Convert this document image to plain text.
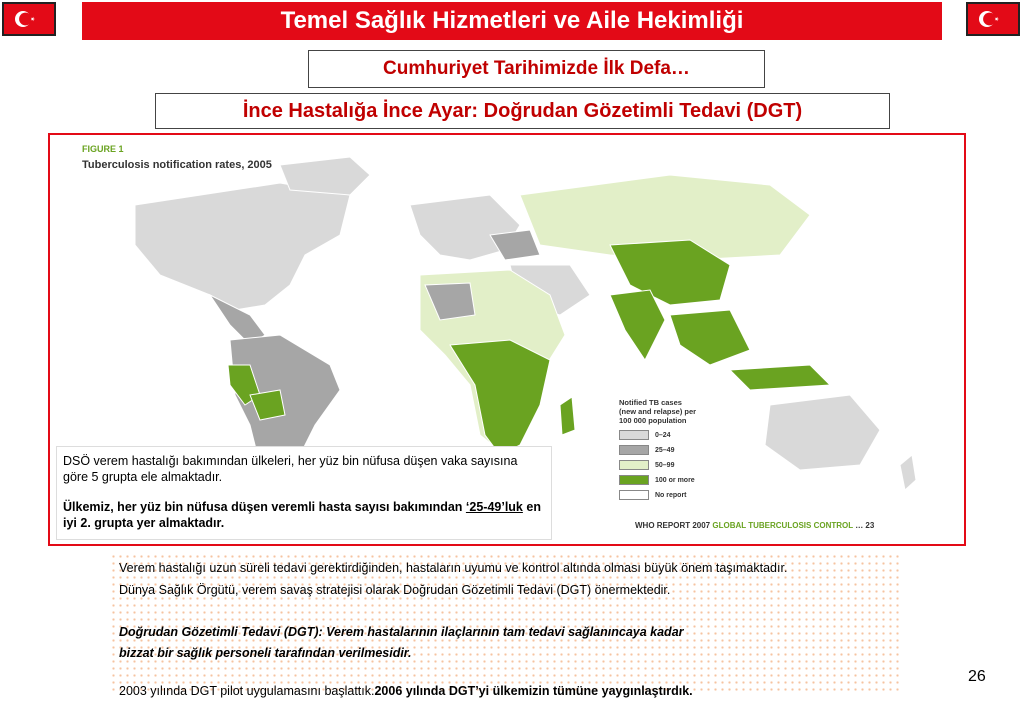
Temel Sağlık Hizmetleri ve Aile Hekimliği
Cumhuriyet Tarihimizde İlk Defa…
İnce Hastalığa İnce Ayar: Doğrudan Gözetimli Tedavi (DGT)
FIGURE 1
Tuberculosis notification rates, 2005
Notified TB cases
(new and relapse) per
100 000 population
0–24
25–49
50–99
100 or more
No report
WHO REPORT 2007 GLOBAL TUBERCULOSIS CONTROL … 23

DSÖ verem hastalığı bakımından ülkeleri, her yüz bin nüfusa düşen vaka sayısına göre 5 grupta ele almaktadır.

Ülkemiz, her yüz bin nüfusa düşen veremli hasta sayısı bakımından ‘25-49’luk en iyi 2. grupta yer almaktadır.

Verem hastalığı uzun süreli tedavi gerektirdiğinden, hastaların uyumu ve kontrol altında olması büyük önem taşımaktadır.
Dünya Sağlık Örgütü, verem savaş stratejisi olarak Doğrudan Gözetimli Tedavi (DGT) önermektedir.
Doğrudan Gözetimli Tedavi (DGT): Verem hastalarının ilaçlarının tam tedavi sağlanıncaya kadar
bizzat bir sağlık personeli tarafından verilmesidir.
2003 yılında DGT pilot uygulamasını başlattık.2006 yılında DGT’yi ülkemizin tümüne yaygınlaştırdık.
26
